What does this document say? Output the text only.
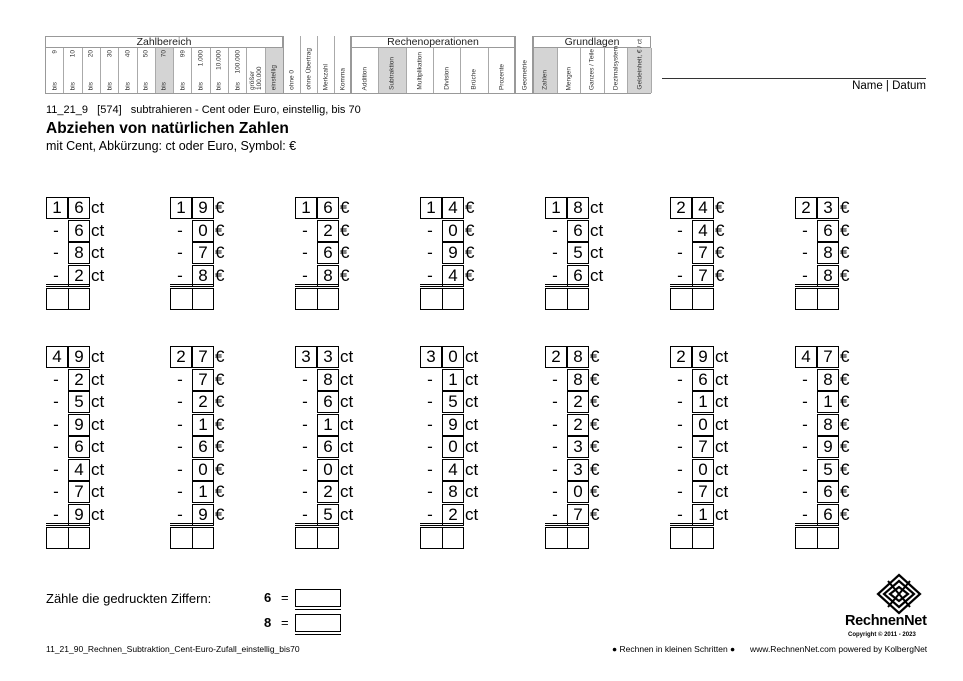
Zahlbereich
9
bis
10
bis
20
bis
30
bis
40
bis
50
bis
70
bis
99
bis
1.000
bis
10.000
bis
100.000
bis größer 100.000 einstellig ohne 0 ohne Übertrag Merkzahl Komma
Rechenoperationen
Addition	Subtraktion	Multiplikation	Division	Brüche	Prozente Geometrie
Grundlagen
Zahlen	Mengen	Ganzes / Teile	Dezimalsystem	Geldeinheit, € / ct	Name | Datum
11_21_9   [574]   subtrahieren - Cent oder Euro, einstellig, bis 70
Abziehen von natürlichen Zahlen
mit Cent, Abkürzung: ct oder Euro, Symbol: €
1 6 ct
- 6 ct
- 8 ct
- 2 ct
1 9 €
- 0 €
- 7 €
- 8 €
1 6 €
- 2 €
- 6 €
- 8 €
1 4 €
- 0 €
- 9 €
- 4 €
1 8 ct
- 6 ct
- 5 ct
- 6 ct
2 4 €
- 4 €
- 7 €
- 7 €
2 3 €
- 6 €
- 8 €
- 8 €
4 9 ct
- 2 ct
- 5 ct
- 9 ct
- 6 ct
- 4 ct
- 7 ct
- 9 ct
2 7 €
- 7 €
- 2 €
- 1 €
- 6 €
- 0 €
- 1 €
- 9 €
3 3 ct
- 8 ct
- 6 ct
- 1 ct
- 6 ct
- 0 ct
- 2 ct
- 5 ct
3 0 ct
- 1 ct
- 5 ct
- 9 ct
- 0 ct
- 4 ct
- 8 ct
- 2 ct
2 8 €
- 8 €
- 2 €
- 2 €
- 3 €
- 3 €
- 0 €
- 7 €
2 9 ct
- 6 ct
- 1 ct
- 0 ct
- 7 ct
- 0 ct
- 7 ct
- 1 ct
4 7 €
- 8 €
- 1 €
- 8 €
- 9 €
- 5 €
- 6 €
- 6 €
Zähle die gedruckten Ziffern:	6 =
8 =	RechnenNet
Copyright © 2011 - 2023
11_21_90_Rechnen_Subtraktion_Cent-Euro-Zufall_einstellig_bis70	● Rechnen in kleinen Schritten ● www.RechnenNet.com powered by KolbergNet
